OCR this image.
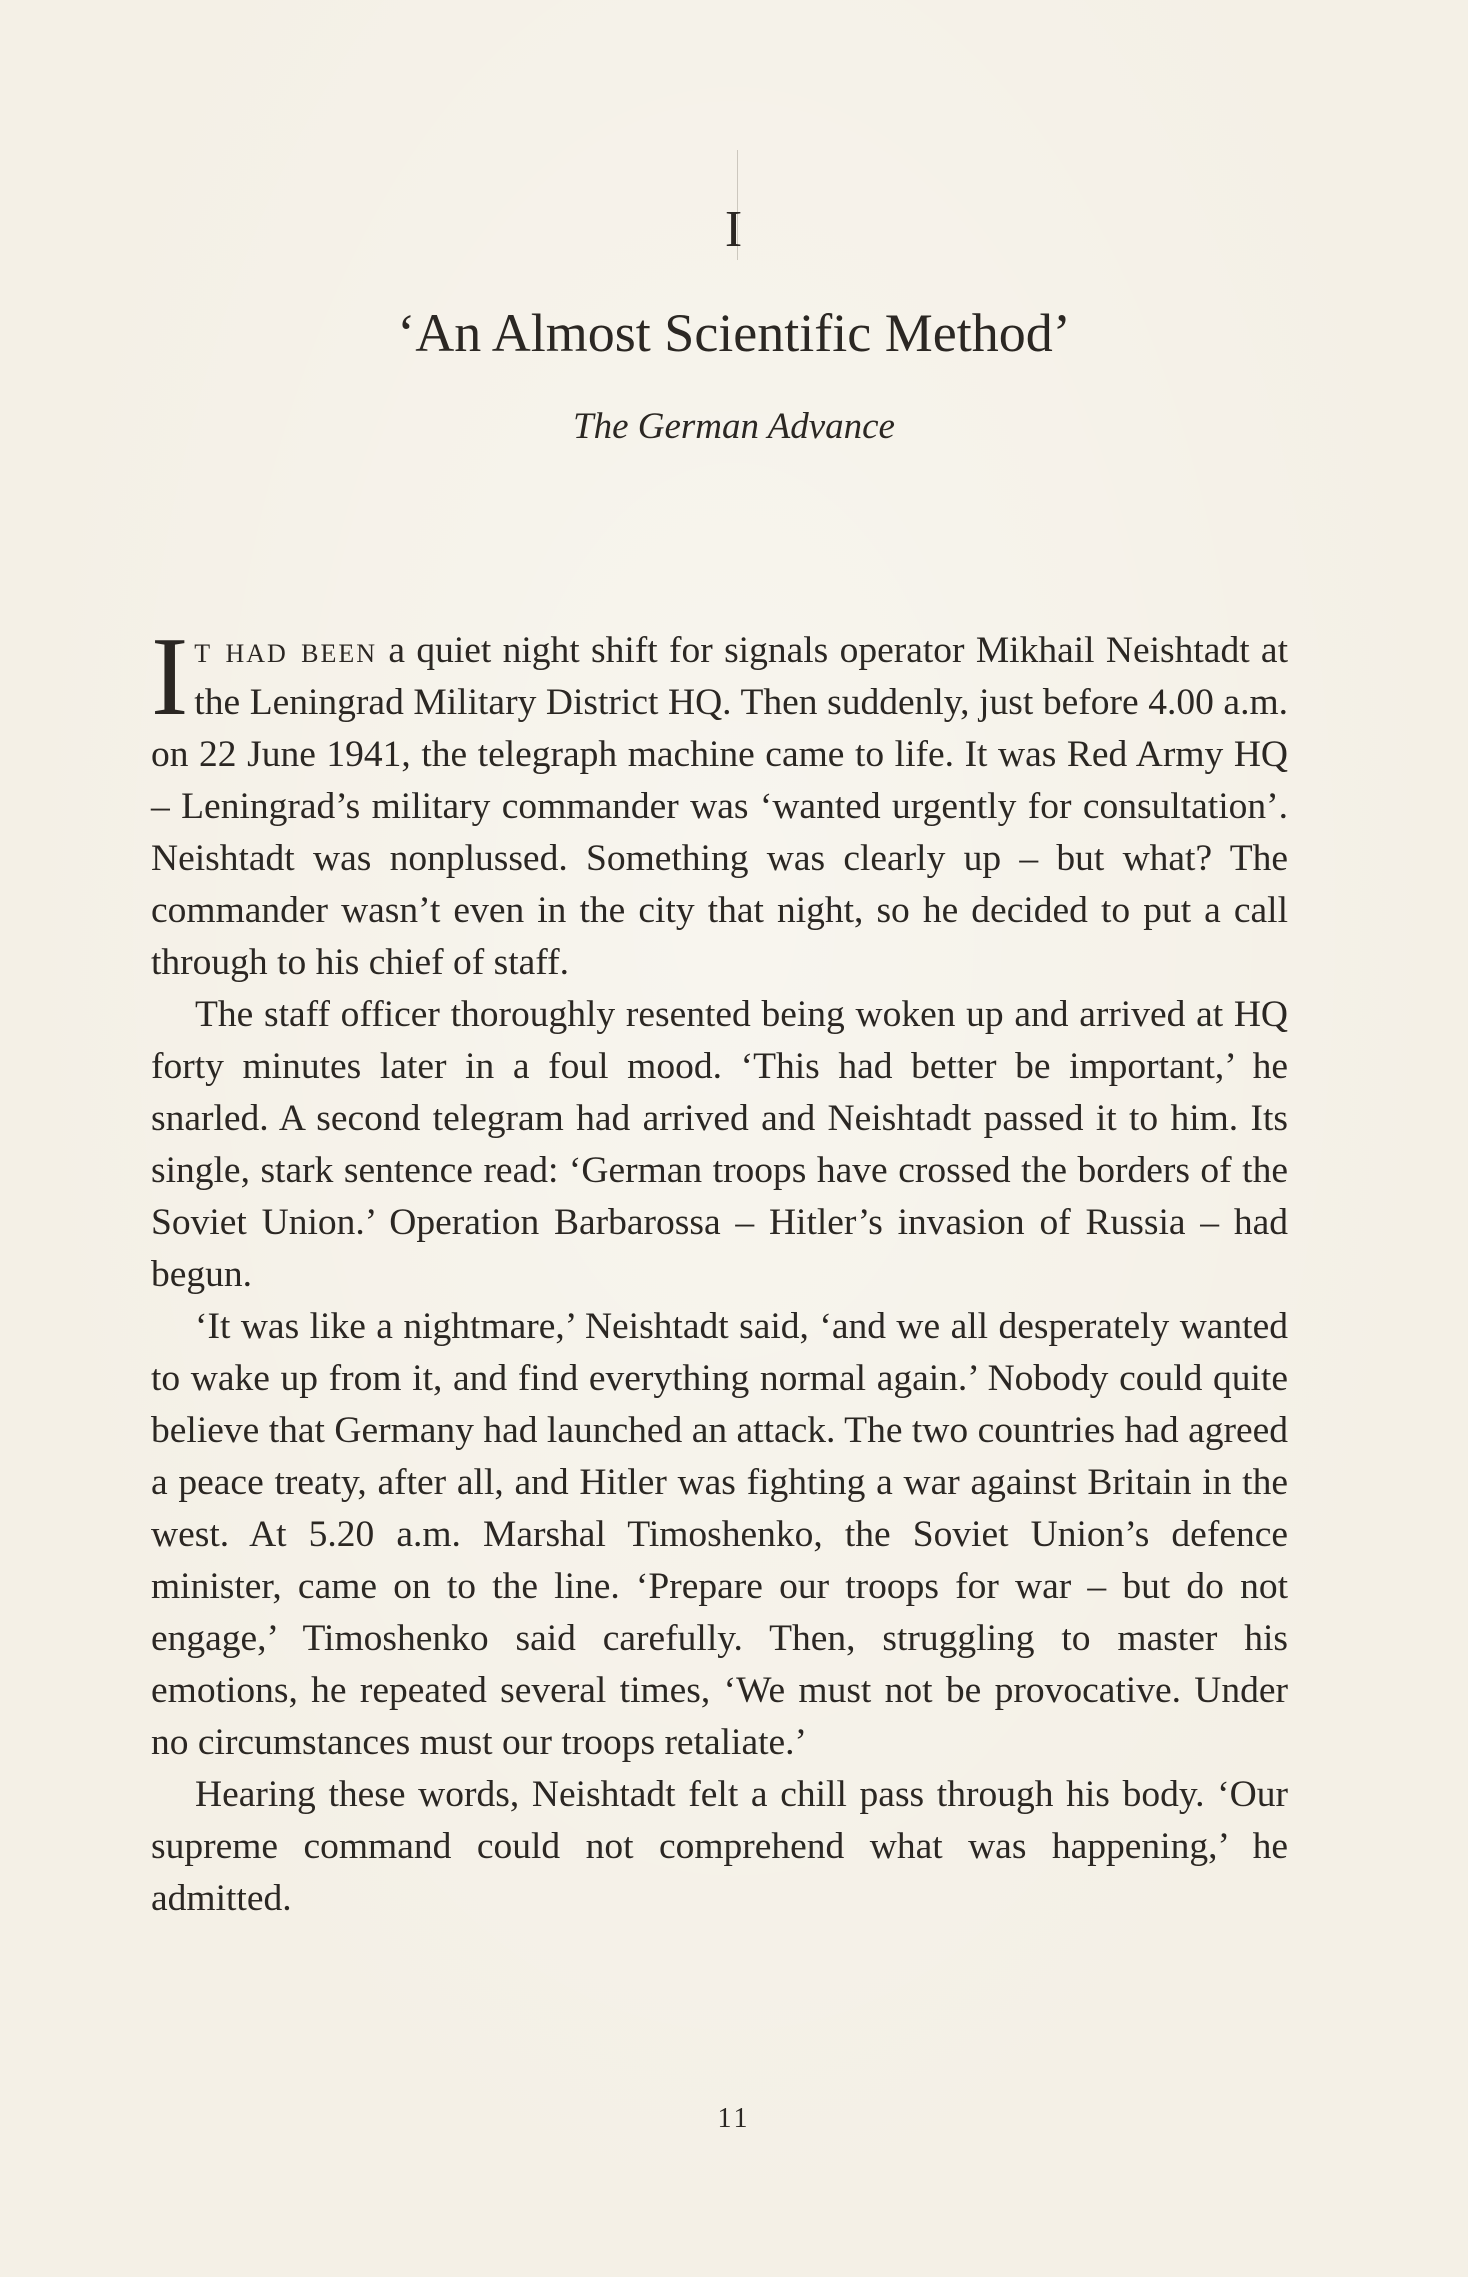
I
‘An Almost Scientific Method’
The German Advance

It had been a quiet night shift for signals operator Mikhail Neishtadt at the Leningrad Military District HQ. Then suddenly, just before 4.00 a.m. on 22 June 1941, the telegraph machine came to life. It was Red Army HQ – Leningrad’s military commander was ‘wanted urgently for consultation’. Neishtadt was nonplussed. Something was clearly up – but what? The commander wasn’t even in the city that night, so he decided to put a call through to his chief of staff.

The staff officer thoroughly resented being woken up and arrived at HQ forty minutes later in a foul mood. ‘This had better be important,’ he snarled. A second telegram had arrived and Neishtadt passed it to him. Its single, stark sentence read: ‘German troops have crossed the borders of the Soviet Union.’ Operation Barbarossa – Hitler’s invasion of Russia – had begun.

‘It was like a nightmare,’ Neishtadt said, ‘and we all desperately wanted to wake up from it, and find everything normal again.’ Nobody could quite believe that Germany had launched an attack. The two countries had agreed a peace treaty, after all, and Hitler was fighting a war against Britain in the west. At 5.20 a.m. Marshal Timoshenko, the Soviet Union’s defence minister, came on to the line. ‘Prepare our troops for war – but do not engage,’ Timoshenko said carefully. Then, struggling to master his emotions, he repeated several times, ‘We must not be provocative. Under no circumstances must our troops retaliate.’

Hearing these words, Neishtadt felt a chill pass through his body. ‘Our supreme command could not comprehend what was happening,’ he admitted.

11
